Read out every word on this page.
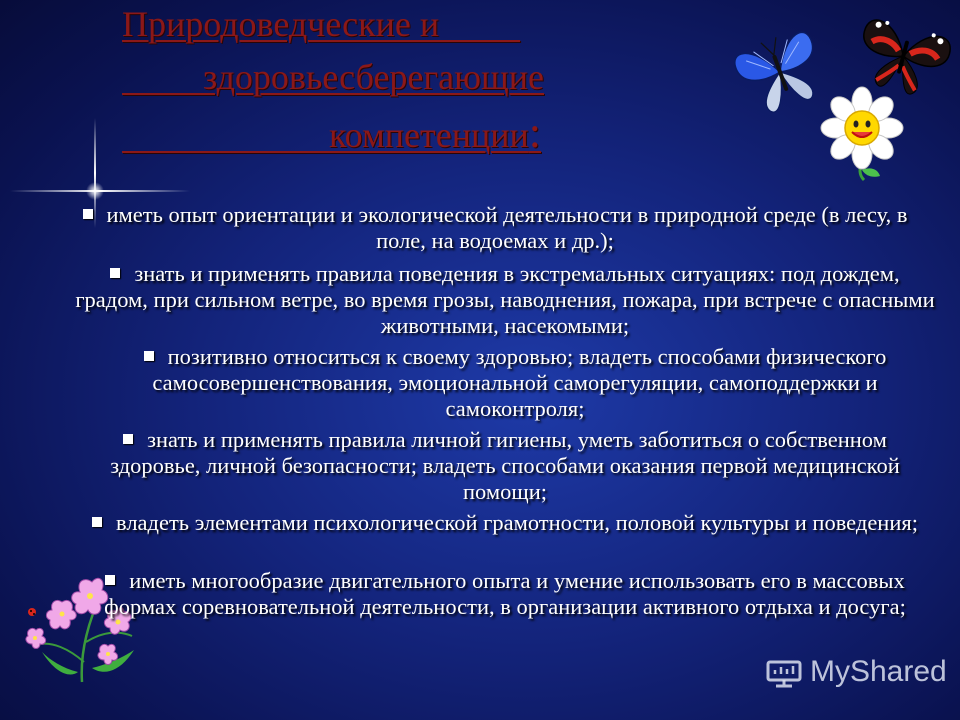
Природоведческие и
здоровьесберегающие
компетенции:
иметь опыт ориентации и экологической деятельности в природной среде (в лесу, в поле, на водоемах и др.);
знать и применять правила поведения в экстремальных ситуациях: под дождем, градом, при сильном ветре, во время грозы, наводнения, пожара, при встрече с опасными животными, насекомыми;
позитивно относиться к своему здоровью; владеть способами физического самосовершенствования, эмоциональной саморегуляции, самоподдержки и самоконтроля;
знать и применять правила личной гигиены, уметь заботиться о собственном здоровье, личной безопасности; владеть способами оказания первой медицинской помощи;
владеть элементами психологической грамотности, половой культуры и поведения;
иметь многообразие двигательного опыта и умение использовать его в массовых формах соревновательной деятельности, в организации активного отдыха и досуга;
MyShared
